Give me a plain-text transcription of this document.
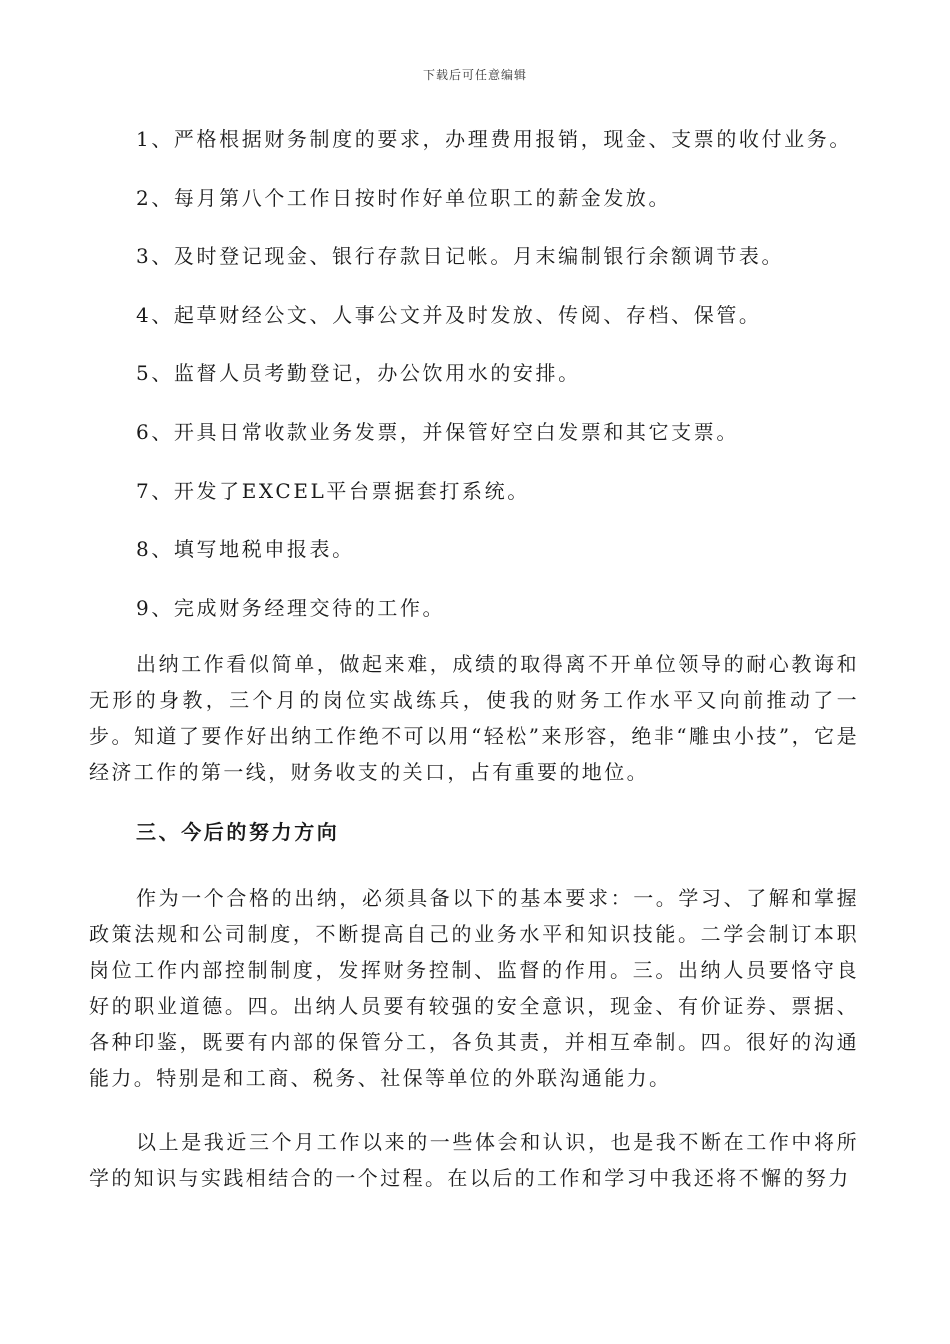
下载后可任意编辑
1、严格根据财务制度的要求，办理费用报销，现金、支票的收付业务。
2、每月第八个工作日按时作好单位职工的薪金发放。
3、及时登记现金、银行存款日记帐。月末编制银行余额调节表。
4、起草财经公文、人事公文并及时发放、传阅、存档、保管。
5、监督人员考勤登记，办公饮用水的安排。
6、开具日常收款业务发票，并保管好空白发票和其它支票。
7、开发了EXCEL平台票据套打系统。
8、填写地税申报表。
9、完成财务经理交待的工作。

出纳工作看似简单，做起来难，成绩的取得离不开单位领导的耐心教诲和无形的身教，三个月的岗位实战练兵，使我的财务工作水平又向前推动了一步。知道了要作好出纳工作绝不可以用“轻松”来形容，绝非“雕虫小技”，它是经济工作的第一线，财务收支的关口，占有重要的地位。

三、今后的努力方向

作为一个合格的出纳，必须具备以下的基本要求：一。学习、了解和掌握政策法规和公司制度，不断提高自己的业务水平和知识技能。二学会制订本职岗位工作内部控制制度，发挥财务控制、监督的作用。三。出纳人员要恪守良好的职业道德。四。出纳人员要有较强的安全意识，现金、有价证券、票据、各种印鉴，既要有内部的保管分工，各负其责，并相互牵制。四。很好的沟通能力。特别是和工商、税务、社保等单位的外联沟通能力。

以上是我近三个月工作以来的一些体会和认识，也是我不断在工作中将所学的知识与实践相结合的一个过程。在以后的工作和学习中我还将不懈的努力
